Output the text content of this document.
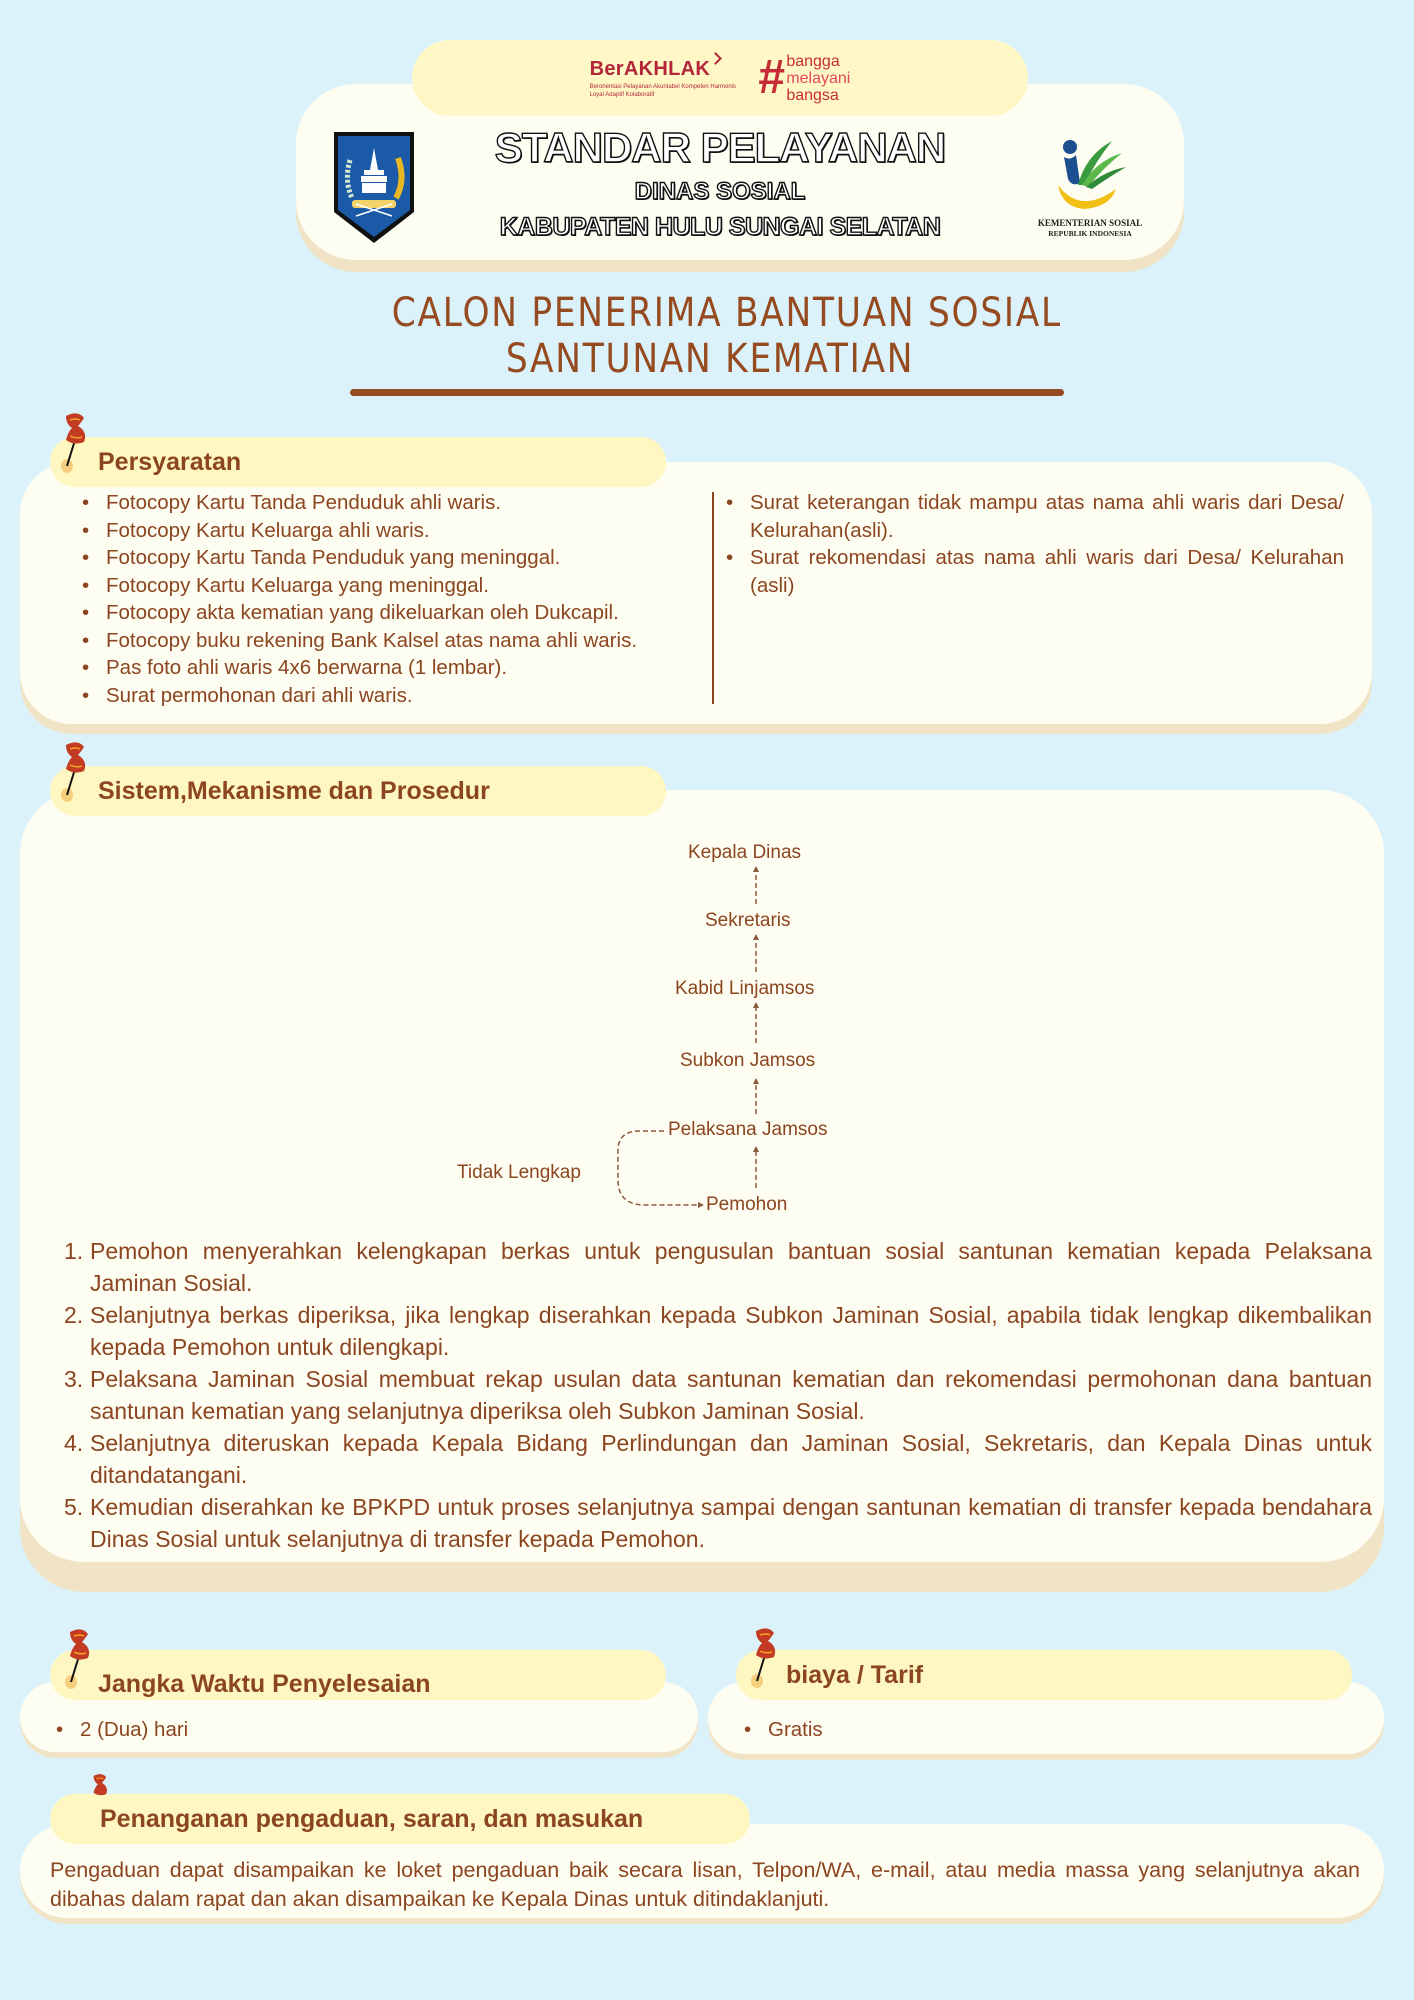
BerAKHLAK
Berorientasi Pelayanan Akuntabel Kompeten Harmonis Loyal Adaptif Kolaboratif	# bangga
melayani
bangsa
STANDAR PELAYANAN
DINAS SOSIAL
KABUPATEN HULU SUNGAI SELATAN	KEMENTERIAN SOSIAL
REPUBLIK INDONESIA
CALON PENERIMA BANTUAN SOSIAL
SANTUNAN KEMATIAN
Persyaratan
• Fotocopy Kartu Tanda Penduduk ahli waris.
• Fotocopy Kartu Keluarga ahli waris.
• Fotocopy Kartu Tanda Penduduk yang meninggal.
• Fotocopy Kartu Keluarga yang meninggal.
• Fotocopy akta kematian yang dikeluarkan oleh Dukcapil.
• Fotocopy buku rekening Bank Kalsel atas nama ahli waris.
• Pas foto ahli waris 4x6 berwarna (1 lembar).
• Surat permohonan dari ahli waris.
• Surat keterangan tidak mampu atas nama ahli waris dari Desa/ Kelurahan(asli).
• Surat rekomendasi atas nama ahli waris dari Desa/ Kelurahan (asli)
Sistem,Mekanisme dan Prosedur
Kepala Dinas
Sekretaris
Kabid Linjamsos
Subkon Jamsos
Pelaksana Jamsos
Pemohon
Tidak Lengkap
1. Pemohon menyerahkan kelengkapan berkas untuk pengusulan bantuan sosial santunan kematian kepada Pelaksana Jaminan Sosial.
2. Selanjutnya berkas diperiksa, jika lengkap diserahkan kepada Subkon Jaminan Sosial, apabila tidak lengkap dikembalikan kepada Pemohon untuk dilengkapi.
3. Pelaksana Jaminan Sosial membuat rekap usulan data santunan kematian dan rekomendasi permohonan dana bantuan santunan kematian yang selanjutnya diperiksa oleh Subkon Jaminan Sosial.
4. Selanjutnya diteruskan kepada Kepala Bidang Perlindungan dan Jaminan Sosial, Sekretaris, dan Kepala Dinas untuk ditandatangani.
5. Kemudian diserahkan ke BPKPD untuk proses selanjutnya sampai dengan santunan kematian di transfer kepada bendahara Dinas Sosial untuk selanjutnya di transfer kepada Pemohon.
Jangka Waktu Penyelesaian
• 2 (Dua) hari
biaya / Tarif
• Gratis
Penanganan pengaduan, saran, dan masukan
Pengaduan dapat disampaikan ke loket pengaduan baik secara lisan, Telpon/WA, e-mail, atau media massa yang selanjutnya akan dibahas dalam rapat dan akan disampaikan ke Kepala Dinas untuk ditindaklanjuti.
